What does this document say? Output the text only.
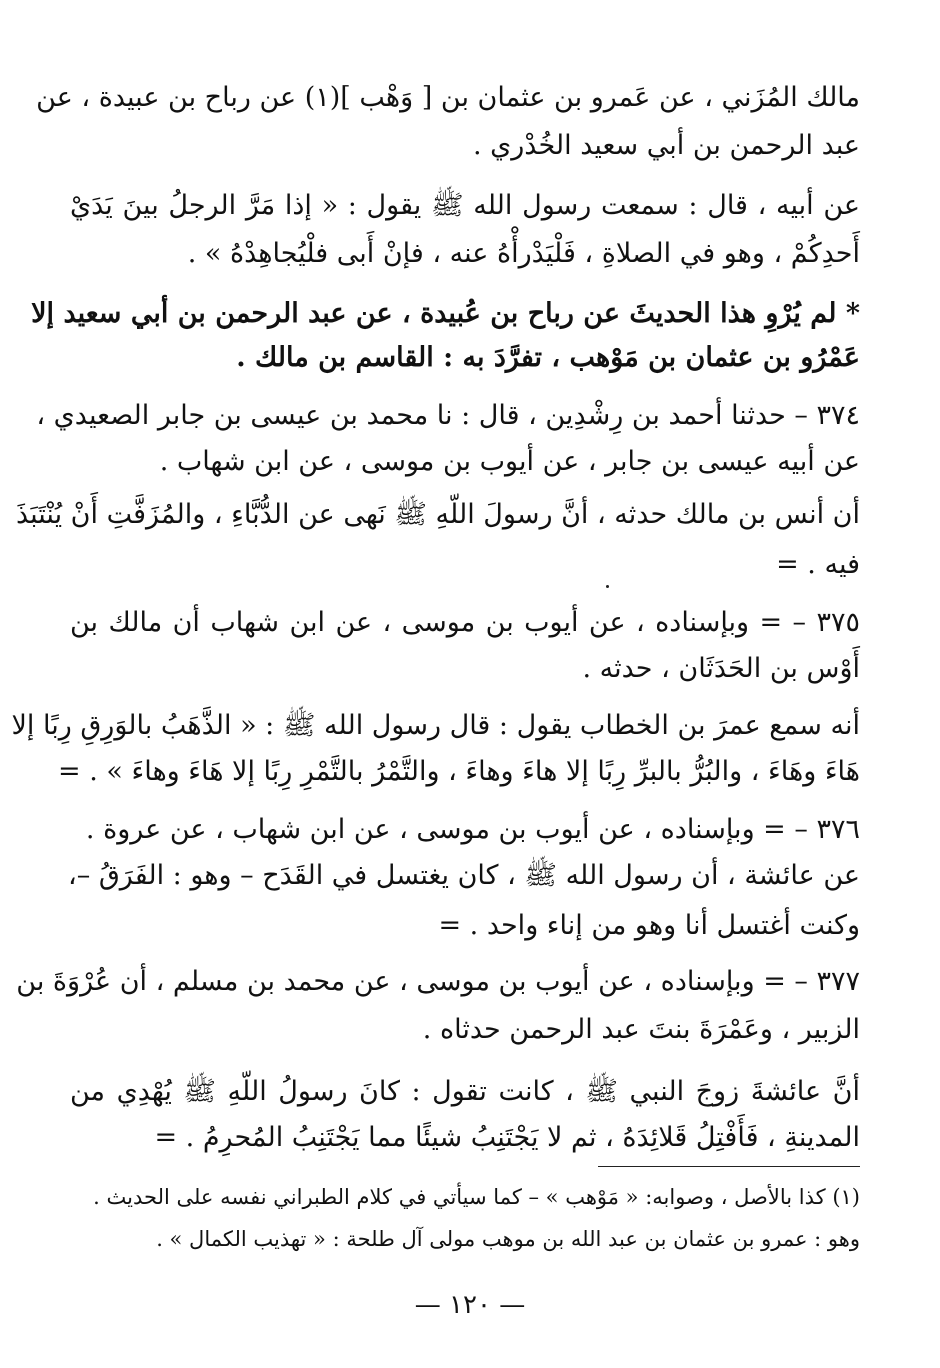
مالك المُزَني ، عن عَمرو بن عثمان بن [ وَهْب ](١) عن رباح بن عبيدة ، عن
عبد الرحمن بن أبي سعيد الخُدْري .
عن أبيه ، قال : سمعت رسول الله ﷺ يقول : « إذا مَرَّ الرجلُ بينَ يَدَيْ
أَحدِكُمْ ، وهو في الصلاةِ ، فَلْيَدْرأْهُ عنه ، فإنْ أَبى فلْيُجاهِدْهُ » .
* لم يُرْوِ هذا الحديثَ عن رباح بن عُبيدة ، عن عبد الرحمن بن أبي سعيد إلا
عَمْرُو بن عثمان بن مَوْهب ، تفرَّدَ به : القاسم بن مالك .
٣٧٤ – حدثنا أحمد بن رِشْدِين ، قال : نا محمد بن عيسى بن جابر الصعيدي ،
عن أبيه عيسى بن جابر ، عن أيوب بن موسى ، عن ابن شهاب .
أن أنس بن مالك حدثه ، أنَّ رسولَ اللّهِ ﷺ نَهى عن الدُّبَّاءِ ، والمُزَفَّتِ أَنْ يُنْتَبَذَ
فيه . =
٣٧٥ – = وبإسناده ، عن أيوب بن موسى ، عن ابن شهاب أن مالك بن
أَوْس بن الحَدَثَان ، حدثه .
أنه سمع عمرَ بن الخطاب يقول : قال رسول الله ﷺ : « الذَّهَبُ بالوَرِقِ رِبًا إلا
هَاءَ وهَاءَ ، والبُرُّ بالبرِّ رِبًا إلا هاءَ وهاءَ ، والتَّمْرُ بالتَّمْرِ رِبًا إلا هَاءَ وهاءَ » . =
٣٧٦ – = وبإسناده ، عن أيوب بن موسى ، عن ابن شهاب ، عن عروة .
عن عائشة ، أن رسول الله ﷺ ، كان يغتسل في القَدَح – وهو : الفَرَقُ –،
وكنت أغتسل أنا وهو من إناء واحد . =
٣٧٧ – = وبإسناده ، عن أيوب بن موسى ، عن محمد بن مسلم ، أن عُرْوَةَ بن
الزبير ، وعَمْرَةَ بنتَ عبد الرحمن حدثاه .
أنَّ عائشةَ زوجَ النبي ﷺ ، كانت تقول : كانَ رسولُ اللّهِ ﷺ يُهْدِي من
المدينةِ ، فَأَفْتِلُ قَلائِدَهُ ، ثم لا يَجْتَنِبُ شيئًا مما يَجْتَنِبُ المُحرِمُ . =
(١) كذا بالأصل ، وصوابه: « مَوْهب » – كما سيأتي في كلام الطبراني نفسه على الحديث .
وهو : عمرو بن عثمان بن عبد الله بن موهب مولى آل طلحة : « تهذيب الكمال » .
— ١٢٠ —
